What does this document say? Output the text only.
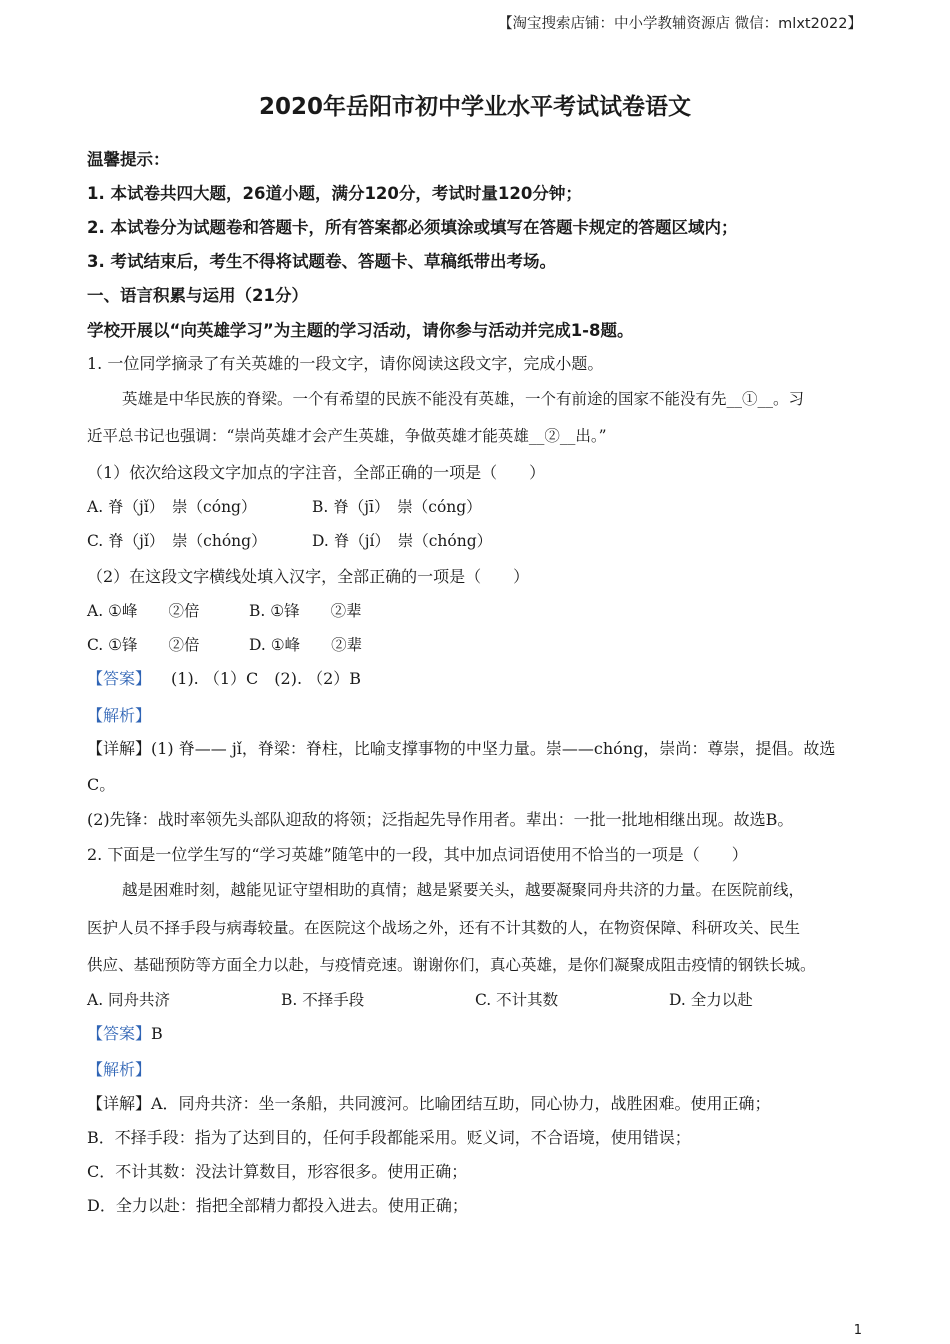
【淘宝搜索店铺：中小学教辅资源店 微信：mlxt2022】
2020年岳阳市初中学业水平考试试卷语文
温馨提示：
1. 本试卷共四大题，26道小题，满分120分，考试时量120分钟；
2. 本试卷分为试题卷和答题卡，所有答案都必须填涂或填写在答题卡规定的答题区域内；
3. 考试结束后，考生不得将试题卷、答题卡、草稿纸带出考场。
一、语言积累与运用（21分）
学校开展以“向英雄学习”为主题的学习活动，请你参与活动并完成1-8题。
1. 一位同学摘录了有关英雄的一段文字，请你阅读这段文字，完成小题。
英雄是中华民族的脊梁。一个有希望的民族不能没有英雄，一个有前途的国家不能没有先__①__。习
近平总书记也强调：“崇尚英雄才会产生英雄，争做英雄才能英雄__②__出。”
（1）依次给这段文字加点的字注音，全部正确的一项是（　　）
A. 脊（jǐ）　崇（cóng）	B. 脊（jī）　崇（cóng）
C. 脊（jǐ）　崇（chóng）	D. 脊（jí）　崇（chóng）
（2）在这段文字横线处填入汉字，全部正确的一项是（　　）
A. ①峰　　②倍	B. ①锋　　②辈
C. ①锋　　②倍	D. ①峰　　②辈
【答案】 (1). （1）C　(2). （2）B
【解析】
【详解】(1) 脊—— jǐ，脊梁：脊柱，比喻支撑事物的中坚力量。崇——chóng，崇尚：尊崇，提倡。故选
C。
(2)先锋：战时率领先头部队迎敌的将领；泛指起先导作用者。辈出：一批一批地相继出现。故选B。
2. 下面是一位学生写的“学习英雄”随笔中的一段，其中加点词语使用不恰当的一项是（　　）
越是困难时刻，越能见证守望相助的真情；越是紧要关头，越要凝聚同舟共济的力量。在医院前线，
医护人员不择手段与病毒较量。在医院这个战场之外，还有不计其数的人，在物资保障、科研攻关、民生
供应、基础预防等方面全力以赴，与疫情竞速。谢谢你们，真心英雄，是你们凝聚成阻击疫情的钢铁长城。
A. 同舟共济	B. 不择手段	C. 不计其数	D. 全力以赴
【答案】B
【解析】
【详解】A．同舟共济：坐一条船，共同渡河。比喻团结互助，同心协力，战胜困难。使用正确；
B．不择手段：指为了达到目的，任何手段都能采用。贬义词，不合语境，使用错误；
C．不计其数：没法计算数目，形容很多。使用正确；
D．全力以赴：指把全部精力都投入进去。使用正确；
1
